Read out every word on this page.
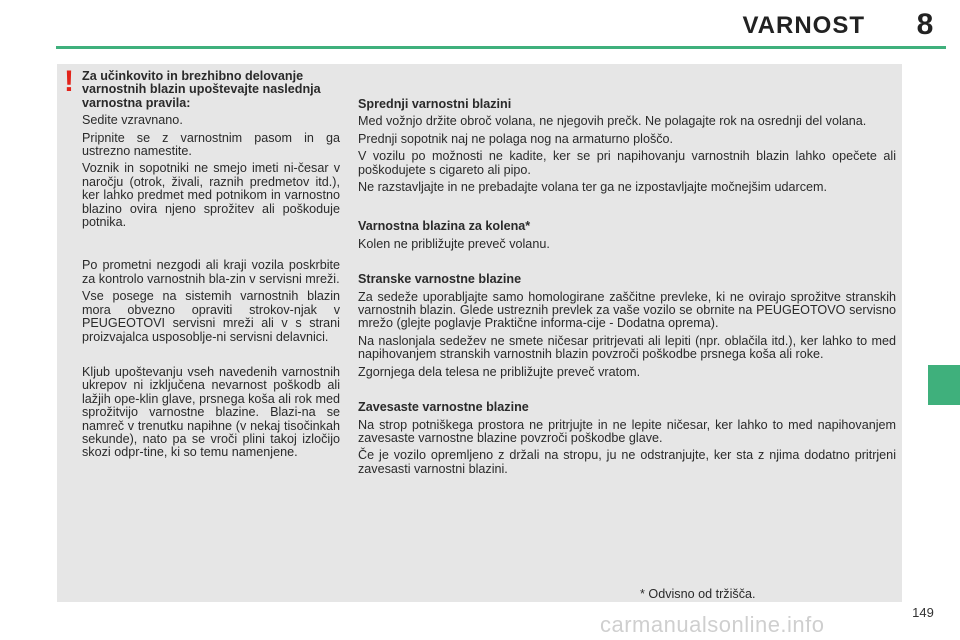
VARNOST	8
! Za učinkovito in brezhibno delovanje varnostnih blazin upoštevajte naslednja varnostna pravila:

Sedite vzravnano.

Pripnite se z varnostnim pasom in ga ustrezno namestite.

Voznik in sopotniki ne smejo imeti ni-česar v naročju (otrok, živali, raznih predmetov itd.), ker lahko predmet med potnikom in varnostno blazino ovira njeno sprožitev ali poškoduje potnika.

Po prometni nezgodi ali kraji vozila poskrbite za kontrolo varnostnih bla-zin v servisni mreži.

Vse posege na sistemih varnostnih blazin mora obvezno opraviti strokov-njak v PEUGEOTOVI servisni mreži ali v s strani proizvajalca usposoblje-ni servisni delavnici.

Kljub upoštevanju vseh navedenih varnostnih ukrepov ni izključena nevarnost poškodb ali lažjih ope-klin glave, prsnega koša ali rok med sprožitvijo varnostne blazine. Blazi-na se namreč v trenutku napihne (v nekaj tisočinkah sekunde), nato pa se vroči plini takoj izločijo skozi odpr-tine, ki so temu namenjene.

Sprednji varnostni blazini

Med vožnjo držite obroč volana, ne njegovih prečk. Ne polagajte rok na osrednji del volana.

Prednji sopotnik naj ne polaga nog na armaturno ploščo.

V vozilu po možnosti ne kadite, ker se pri napihovanju varnostnih blazin lahko opečete ali poškodujete s cigareto ali pipo.

Ne razstavljajte in ne prebadajte volana ter ga ne izpostavljajte močnejšim udarcem.

Varnostna blazina za kolena*

Kolen ne približujte preveč volanu.

Stranske varnostne blazine

Za sedeže uporabljajte samo homologirane zaščitne prevleke, ki ne ovirajo sprožitve stranskih varnostnih blazin. Glede ustreznih prevlek za vaše vozilo se obrnite na PEUGEOTOVO servisno mrežo (glejte poglavje Praktične informa-cije - Dodatna oprema).

Na naslonjala sedežev ne smete ničesar pritrjevati ali lepiti (npr. oblačila itd.), ker lahko to med napihovanjem stranskih varnostnih blazin povzroči poškodbe prsnega koša ali roke.

Zgornjega dela telesa ne približujte preveč vratom.

Zavesaste varnostne blazine

Na strop potniškega prostora ne pritrjujte in ne lepite ničesar, ker lahko to med napihovanjem zavesaste varnostne blazine povzroči poškodbe glave.

Če je vozilo opremljeno z držali na stropu, ju ne odstranjujte, ker sta z njima dodatno pritrjeni zavesasti varnostni blazini.

* Odvisno od tržišča.
149
carmanualsonline.info
